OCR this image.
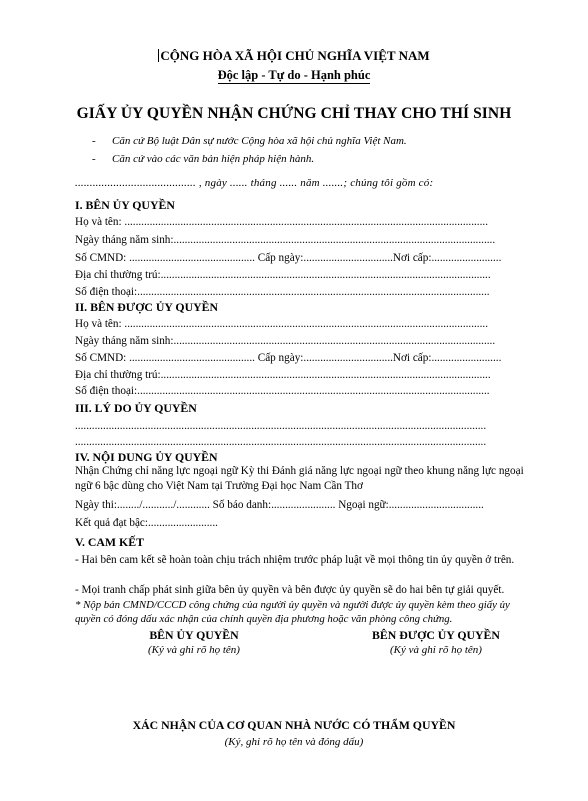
CỘNG HÒA XÃ HỘI CHỦ NGHĨA VIỆT NAM
Độc lập - Tự do - Hạnh phúc
GIẤY ỦY QUYỀN NHẬN CHỨNG CHỈ THAY CHO THÍ SINH
- Căn cứ Bộ luật Dân sự nước Cộng hòa xã hội chủ nghĩa Việt Nam.
- Căn cứ vào các văn bản hiện pháp hiện hành.
......................................... , ngày ...... tháng ...... năm .......; chúng tôi gồm có:
I. BÊN ỦY QUYỀN
Họ và tên: ..................................................................................................................................
Ngày tháng năm sinh:...................................................................................................................
Số CMND: ............................................. Cấp ngày:................................Nơi cấp:.........................
Địa chỉ thường trú:......................................................................................................................
Số điện thoại:..............................................................................................................................
II. BÊN ĐƯỢC ỦY QUYỀN
Họ và tên: ..................................................................................................................................
Ngày tháng năm sinh:...................................................................................................................
Số CMND: ............................................. Cấp ngày:................................Nơi cấp:.........................
Địa chỉ thường trú:......................................................................................................................
Số điện thoại:..............................................................................................................................
III. LÝ DO ỦY QUYỀN
...................................................................................................................................................
...................................................................................................................................................
IV. NỘI DUNG ỦY QUYỀN
Nhận Chứng chỉ năng lực ngoại ngữ Kỳ thi Đánh giá năng lực ngoại ngữ theo khung năng lực ngoại ngữ 6 bậc dùng cho Việt Nam tại Trường Đại học Nam Cần Thơ
Ngày thi:......../.........../............ Số báo danh:....................... Ngoại ngữ:..................................
Kết quả đạt bậc:.........................
V. CAM KẾT
- Hai bên cam kết sẽ hoàn toàn chịu trách nhiệm trước pháp luật về mọi thông tin ủy quyền ở trên.
- Mọi tranh chấp phát sinh giữa bên ủy quyền và bên được ủy quyền sẽ do hai bên tự giải quyết.
* Nộp bản CMND/CCCD công chứng của người ủy quyền và người được ủy quyền kèm theo giấy ủy quyền có đóng dấu xác nhận của chính quyền địa phương hoặc văn phòng công chứng.
BÊN ỦY QUYỀN
(Ký và ghi rõ họ tên)
BÊN ĐƯỢC ỦY QUYỀN
(Ký và ghi rõ họ tên)
XÁC NHẬN CỦA CƠ QUAN NHÀ NƯỚC CÓ THẨM QUYỀN
(Ký, ghi rõ họ tên và đóng dấu)
